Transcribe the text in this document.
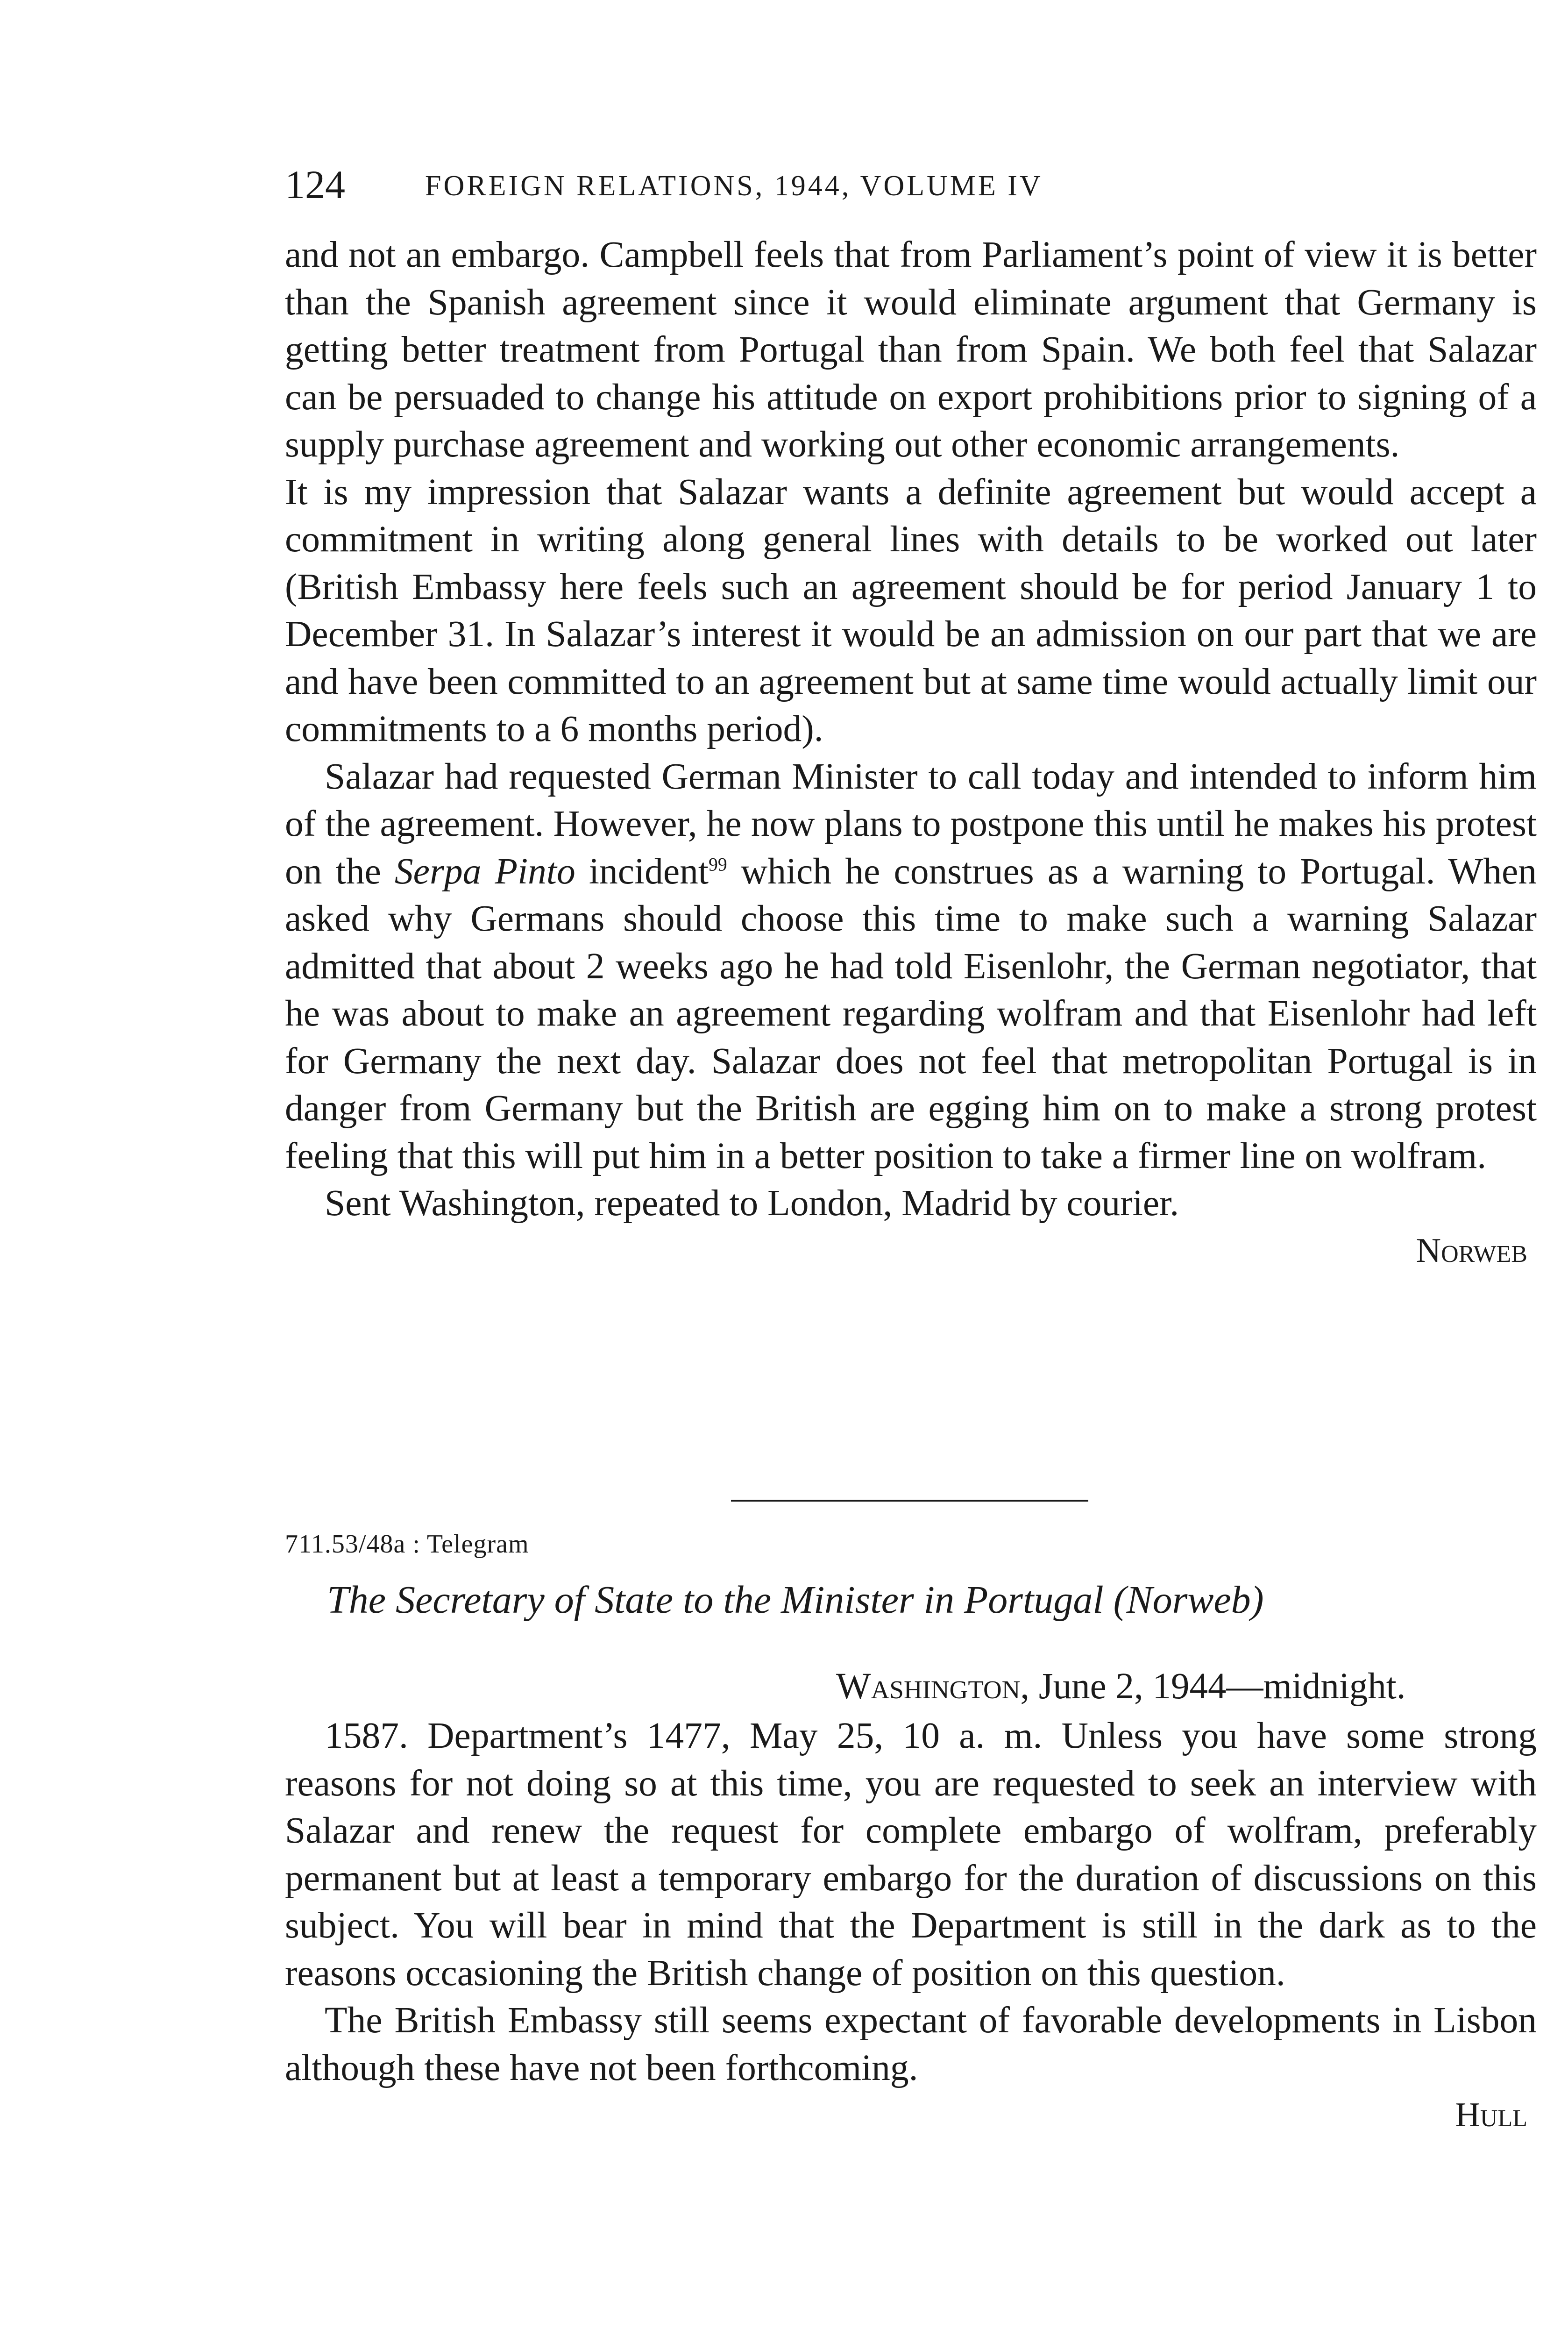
124	FOREIGN RELATIONS, 1944, VOLUME IV

and not an embargo. Campbell feels that from Parliament’s point of view it is better than the Spanish agreement since it would eliminate argument that Germany is getting better treatment from Portugal than from Spain. We both feel that Salazar can be persuaded to change his attitude on export prohibitions prior to signing of a supply purchase agreement and working out other economic arrangements.

It is my impression that Salazar wants a definite agreement but would accept a commitment in writing along general lines with details to be worked out later (British Embassy here feels such an agreement should be for period January 1 to December 31. In Salazar’s interest it would be an admission on our part that we are and have been committed to an agreement but at same time would actually limit our commitments to a 6 months period).

Salazar had requested German Minister to call today and intended to inform him of the agreement. However, he now plans to postpone this until he makes his protest on the Serpa Pinto incident$^{99}$ which he construes as a warning to Portugal. When asked why Germans should choose this time to make such a warning Salazar admitted that about 2 weeks ago he had told Eisenlohr, the German negotiator, that he was about to make an agreement regarding wolfram and that Eisenlohr had left for Germany the next day. Salazar does not feel that metropolitan Portugal is in danger from Germany but the British are egging him on to make a strong protest feeling that this will put him in a better position to take a firmer line on wolfram.

Sent Washington, repeated to London, Madrid by courier.

Norweb

711.53/48a : Telegram
The Secretary of State to the Minister in Portugal (Norweb)
Washington, June 2, 1944—midnight.

1587. Department’s 1477, May 25, 10 a. m. Unless you have some strong reasons for not doing so at this time, you are requested to seek an interview with Salazar and renew the request for complete embargo of wolfram, preferably permanent but at least a temporary embargo for the duration of discussions on this subject. You will bear in mind that the Department is still in the dark as to the reasons occasioning the British change of position on this question.

The British Embassy still seems expectant of favorable developments in Lisbon although these have not been forthcoming.

Hull
